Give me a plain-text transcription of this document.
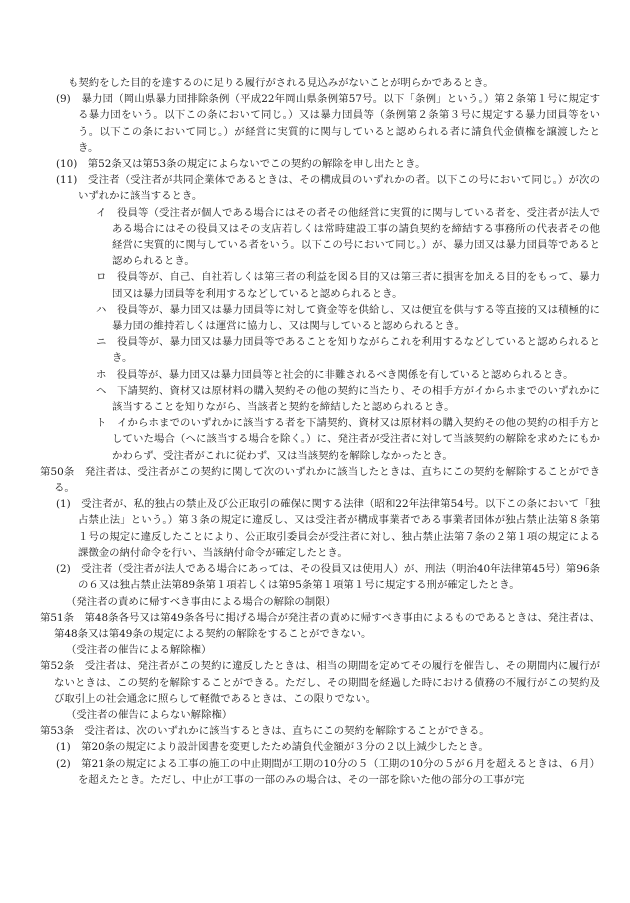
も契約をした目的を達するのに足りる履行がされる見込みがないことが明らかであるとき。

(9)　暴力団（岡山県暴力団排除条例（平成22年岡山県条例第57号。以下「条例」という。）第２条第１号に規定する暴力団をいう。以下この条において同じ。）又は暴力団員等（条例第２条第３号に規定する暴力団員等をいう。以下この条において同じ。）が経営に実質的に関与していると認められる者に請負代金債権を譲渡したとき。

(10)　第52条又は第53条の規定によらないでこの契約の解除を申し出たとき。

(11)　受注者（受注者が共同企業体であるときは、その構成員のいずれかの者。以下この号において同じ。）が次のいずれかに該当するとき。

イ　役員等（受注者が個人である場合にはその者その他経営に実質的に関与している者を、受注者が法人である場合にはその役員又はその支店若しくは常時建設工事の請負契約を締結する事務所の代表者その他経営に実質的に関与している者をいう。以下この号において同じ。）が、暴力団又は暴力団員等であると認められるとき。

ロ　役員等が、自己、自社若しくは第三者の利益を図る目的又は第三者に損害を加える目的をもって、暴力団又は暴力団員等を利用するなどしていると認められるとき。

ハ　役員等が、暴力団又は暴力団員等に対して資金等を供給し、又は便宜を供与する等直接的又は積極的に暴力団の維持若しくは運営に協力し、又は関与していると認められるとき。

ニ　役員等が、暴力団又は暴力団員等であることを知りながらこれを利用するなどしていると認められるとき。

ホ　役員等が、暴力団又は暴力団員等と社会的に非難されるべき関係を有していると認められるとき。

ヘ　下請契約、資材又は原材料の購入契約その他の契約に当たり、その相手方がイからホまでのいずれかに該当することを知りながら、当該者と契約を締結したと認められるとき。

ト　イからホまでのいずれかに該当する者を下請契約、資材又は原材料の購入契約その他の契約の相手方としていた場合（ヘに該当する場合を除く。）に、発注者が受注者に対して当該契約の解除を求めたにもかかわらず、受注者がこれに従わず、又は当該契約を解除しなかったとき。

第50条　発注者は、受注者がこの契約に関して次のいずれかに該当したときは、直ちにこの契約を解除することができる。

(1)　受注者が、私的独占の禁止及び公正取引の確保に関する法律（昭和22年法律第54号。以下この条において「独占禁止法」という。）第３条の規定に違反し、又は受注者が構成事業者である事業者団体が独占禁止法第８条第１号の規定に違反したことにより、公正取引委員会が受注者に対し、独占禁止法第７条の２第１項の規定による課徴金の納付命令を行い、当該納付命令が確定したとき。

(2)　受注者（受注者が法人である場合にあっては、その役員又は使用人）が、刑法（明治40年法律第45号）第96条の６又は独占禁止法第89条第１項若しくは第95条第１項第１号に規定する刑が確定したとき。

（発注者の責めに帰すべき事由による場合の解除の制限）

第51条　第48条各号又は第49条各号に掲げる場合が発注者の責めに帰すべき事由によるものであるときは、発注者は、第48条又は第49条の規定による契約の解除をすることができない。

（受注者の催告による解除権）

第52条　受注者は、発注者がこの契約に違反したときは、相当の期間を定めてその履行を催告し、その期間内に履行がないときは、この契約を解除することができる。ただし、その期間を経過した時における債務の不履行がこの契約及び取引上の社会通念に照らして軽微であるときは、この限りでない。

（受注者の催告によらない解除権）

第53条　受注者は、次のいずれかに該当するときは、直ちにこの契約を解除することができる。

(1)　第20条の規定により設計図書を変更したため請負代金額が３分の２以上減少したとき。

(2)　第21条の規定による工事の施工の中止期間が工期の10分の５（工期の10分の５が６月を超えるときは、６月）を超えたとき。ただし、中止が工事の一部のみの場合は、その一部を除いた他の部分の工事が完
